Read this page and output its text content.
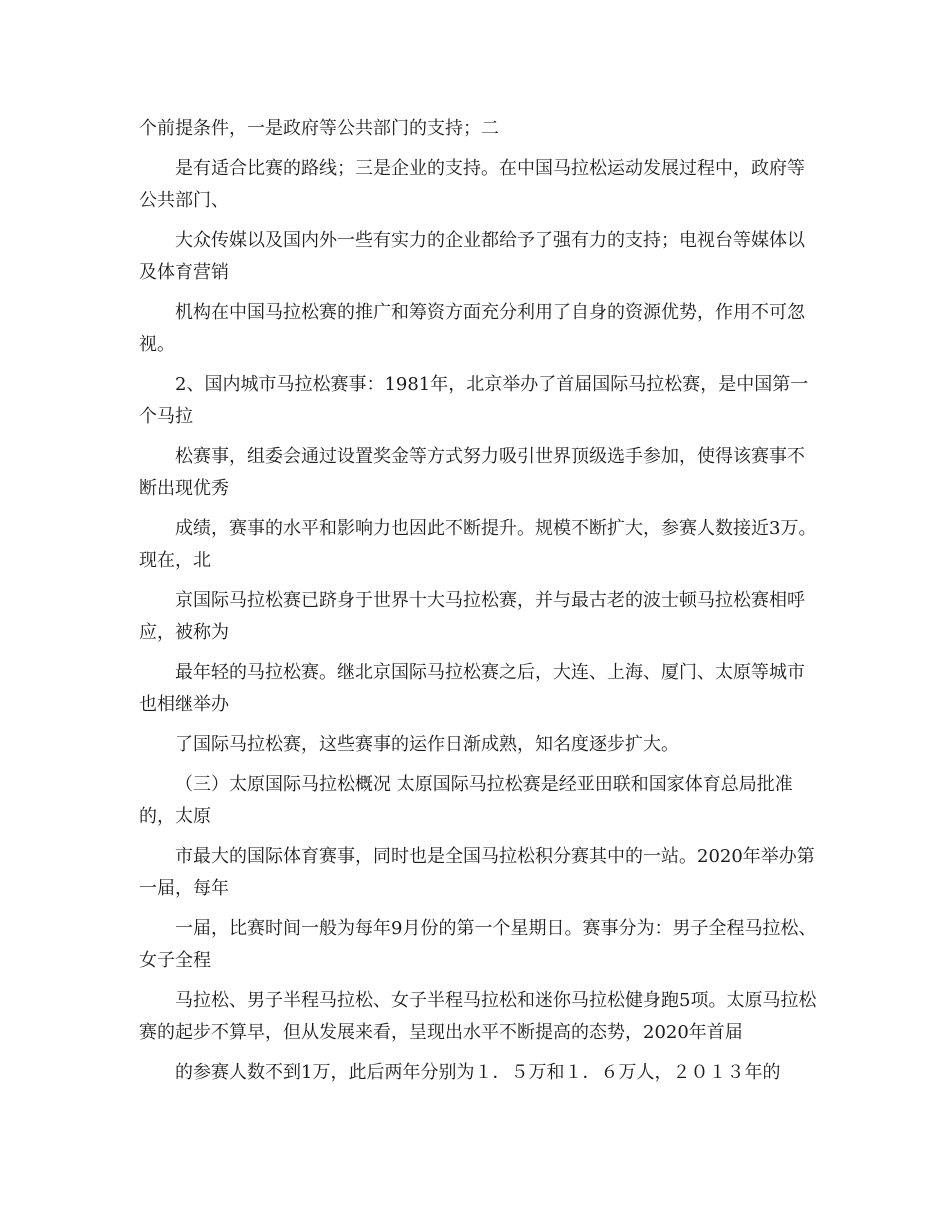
个前提条件，一是政府等公共部门的支持；二

是有适合比赛的路线；三是企业的支持。在中国马拉松运动发展过程中，政府等公共部门、

大众传媒以及国内外一些有实力的企业都给予了强有力的支持；电视台等媒体以及体育营销

机构在中国马拉松赛的推广和筹资方面充分利用了自身的资源优势，作用不可忽视。

2、国内城市马拉松赛事：1981年，北京举办了首届国际马拉松赛，是中国第一个马拉

松赛事，组委会通过设置奖金等方式努力吸引世界顶级选手参加，使得该赛事不断出现优秀

成绩，赛事的水平和影响力也因此不断提升。规模不断扩大，参赛人数接近3万。现在，北

京国际马拉松赛已跻身于世界十大马拉松赛，并与最古老的波士顿马拉松赛相呼应，被称为

最年轻的马拉松赛。继北京国际马拉松赛之后，大连、上海、厦门、太原等城市也相继举办

了国际马拉松赛，这些赛事的运作日渐成熟，知名度逐步扩大。

（三）太原国际马拉松概况 太原国际马拉松赛是经亚田联和国家体育总局批准的，太原

市最大的国际体育赛事，同时也是全国马拉松积分赛其中的一站。2020年举办第一届，每年

一届，比赛时间一般为每年9月份的第一个星期日。赛事分为：男子全程马拉松、女子全程

马拉松、男子半程马拉松、女子半程马拉松和迷你马拉松健身跑5项。太原马拉松赛的起步不算早，但从发展来看，呈现出水平不断提高的态势，2020年首届

的参赛人数不到1万，此后两年分别为１．５万和１．６万人，２０１３年的
